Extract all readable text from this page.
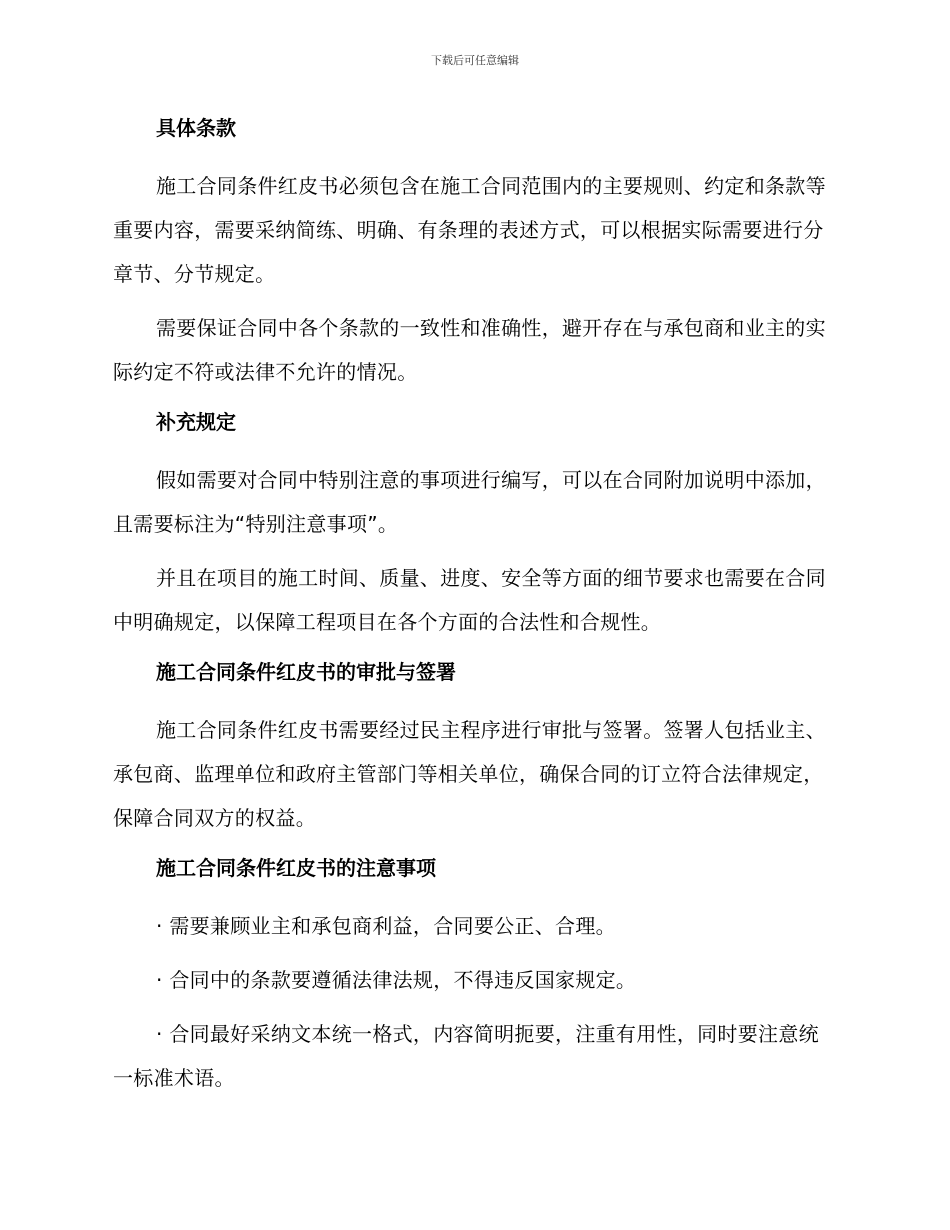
下载后可任意编辑
具体条款

施工合同条件红皮书必须包含在施工合同范围内的主要规则、约定和条款等重要内容，需要采纳简练、明确、有条理的表述方式，可以根据实际需要进行分章节、分节规定。

需要保证合同中各个条款的一致性和准确性，避开存在与承包商和业主的实际约定不符或法律不允许的情况。

补充规定

假如需要对合同中特别注意的事项进行编写，可以在合同附加说明中添加，且需要标注为“特别注意事项”。

并且在项目的施工时间、质量、进度、安全等方面的细节要求也需要在合同中明确规定，以保障工程项目在各个方面的合法性和合规性。

施工合同条件红皮书的审批与签署

施工合同条件红皮书需要经过民主程序进行审批与签署。签署人包括业主、承包商、监理单位和政府主管部门等相关单位，确保合同的订立符合法律规定，保障合同双方的权益。

施工合同条件红皮书的注意事项

· 需要兼顾业主和承包商利益，合同要公正、合理。

· 合同中的条款要遵循法律法规，不得违反国家规定。

· 合同最好采纳文本统一格式，内容简明扼要，注重有用性，同时要注意统一标准术语。
